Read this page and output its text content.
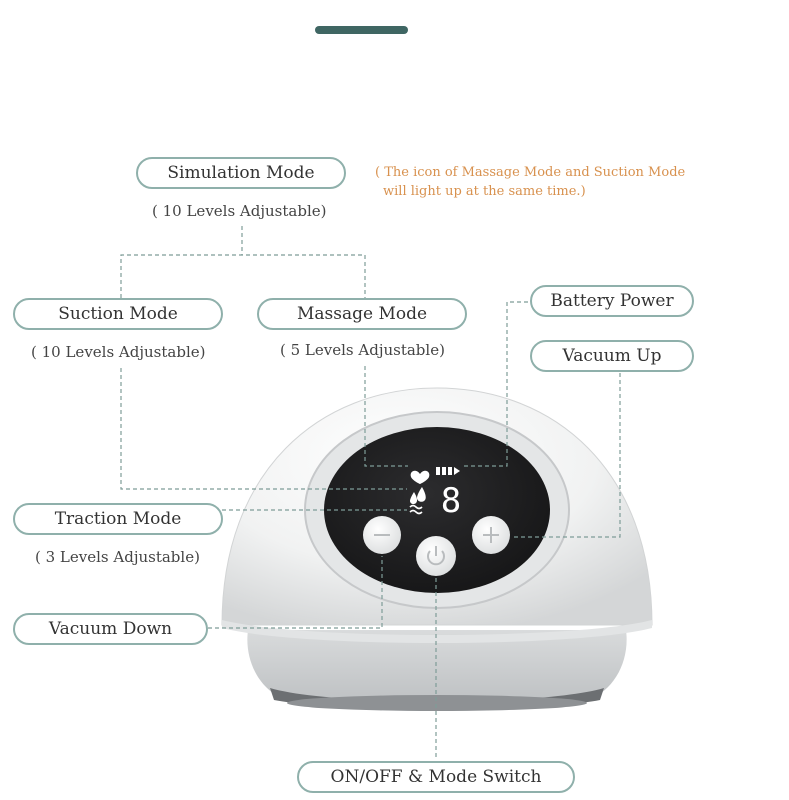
8
Simulation Mode
( 10 Levels Adjustable)
( The icon of Massage Mode and Suction Mode
will light up at the same time.)
Suction Mode
( 10 Levels Adjustable)
Massage Mode
( 5 Levels Adjustable)
Battery Power
Vacuum Up
Traction Mode
( 3 Levels Adjustable)
Vacuum Down
ON/OFF & Mode Switch
